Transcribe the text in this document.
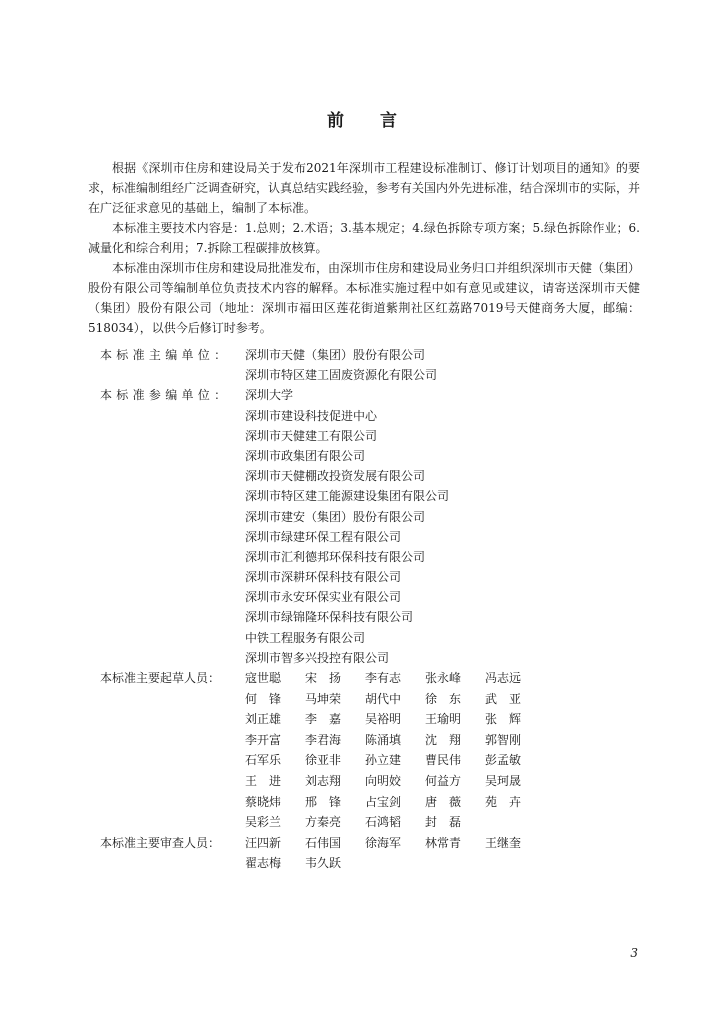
前 言

根据《深圳市住房和建设局关于发布2021年深圳市工程建设标准制订、修订计划项目的通知》的要求，标准编制组经广泛调查研究，认真总结实践经验，参考有关国内外先进标准，结合深圳市的实际，并在广泛征求意见的基础上，编制了本标准。

本标准主要技术内容是：1.总则；2.术语；3.基本规定；4.绿色拆除专项方案；5.绿色拆除作业；6.减量化和综合利用；7.拆除工程碳排放核算。

本标准由深圳市住房和建设局批准发布，由深圳市住房和建设局业务归口并组织深圳市天健（集团）股份有限公司等编制单位负责技术内容的解释。本标准实施过程中如有意见或建议，请寄送深圳市天健（集团）股份有限公司（地址：深圳市福田区莲花街道紫荆社区红荔路7019号天健商务大厦，邮编：518034），以供今后修订时参考。

本标准主编单位：	深圳市天健（集团）股份有限公司
深圳市特区建工固废资源化有限公司
本标准参编单位：	深圳大学
深圳市建设科技促进中心
深圳市天健建工有限公司
深圳市政集团有限公司
深圳市天健棚改投资发展有限公司
深圳市特区建工能源建设集团有限公司
深圳市建安（集团）股份有限公司
深圳市绿建环保工程有限公司
深圳市汇利德邦环保科技有限公司
深圳市深耕环保科技有限公司
深圳市永安环保实业有限公司
深圳市绿锦隆环保科技有限公司
中铁工程服务有限公司
深圳市智多兴投控有限公司
本标准主要起草人员：	寇世聪	宋　扬	李有志	张永峰	冯志远
何　锋	马坤荣	胡代中	徐　东	武　亚
刘正雄	李　嘉	吴裕明	王瑜明	张　辉
李开富	李君海	陈涌填	沈　翔	郭智刚
石军乐	徐亚非	孙立建	曹民伟	彭孟敏
王　进	刘志翔	向明姣	何益方	吴珂晟
蔡晓炜	邢　锋	占宝剑	唐　薇	苑　卉
吴彩兰	方秦亮	石鸿韬	封　磊
本标准主要审查人员：	汪四新	石伟国	徐海军	林常青	王继奎
翟志梅	韦久跃
3
